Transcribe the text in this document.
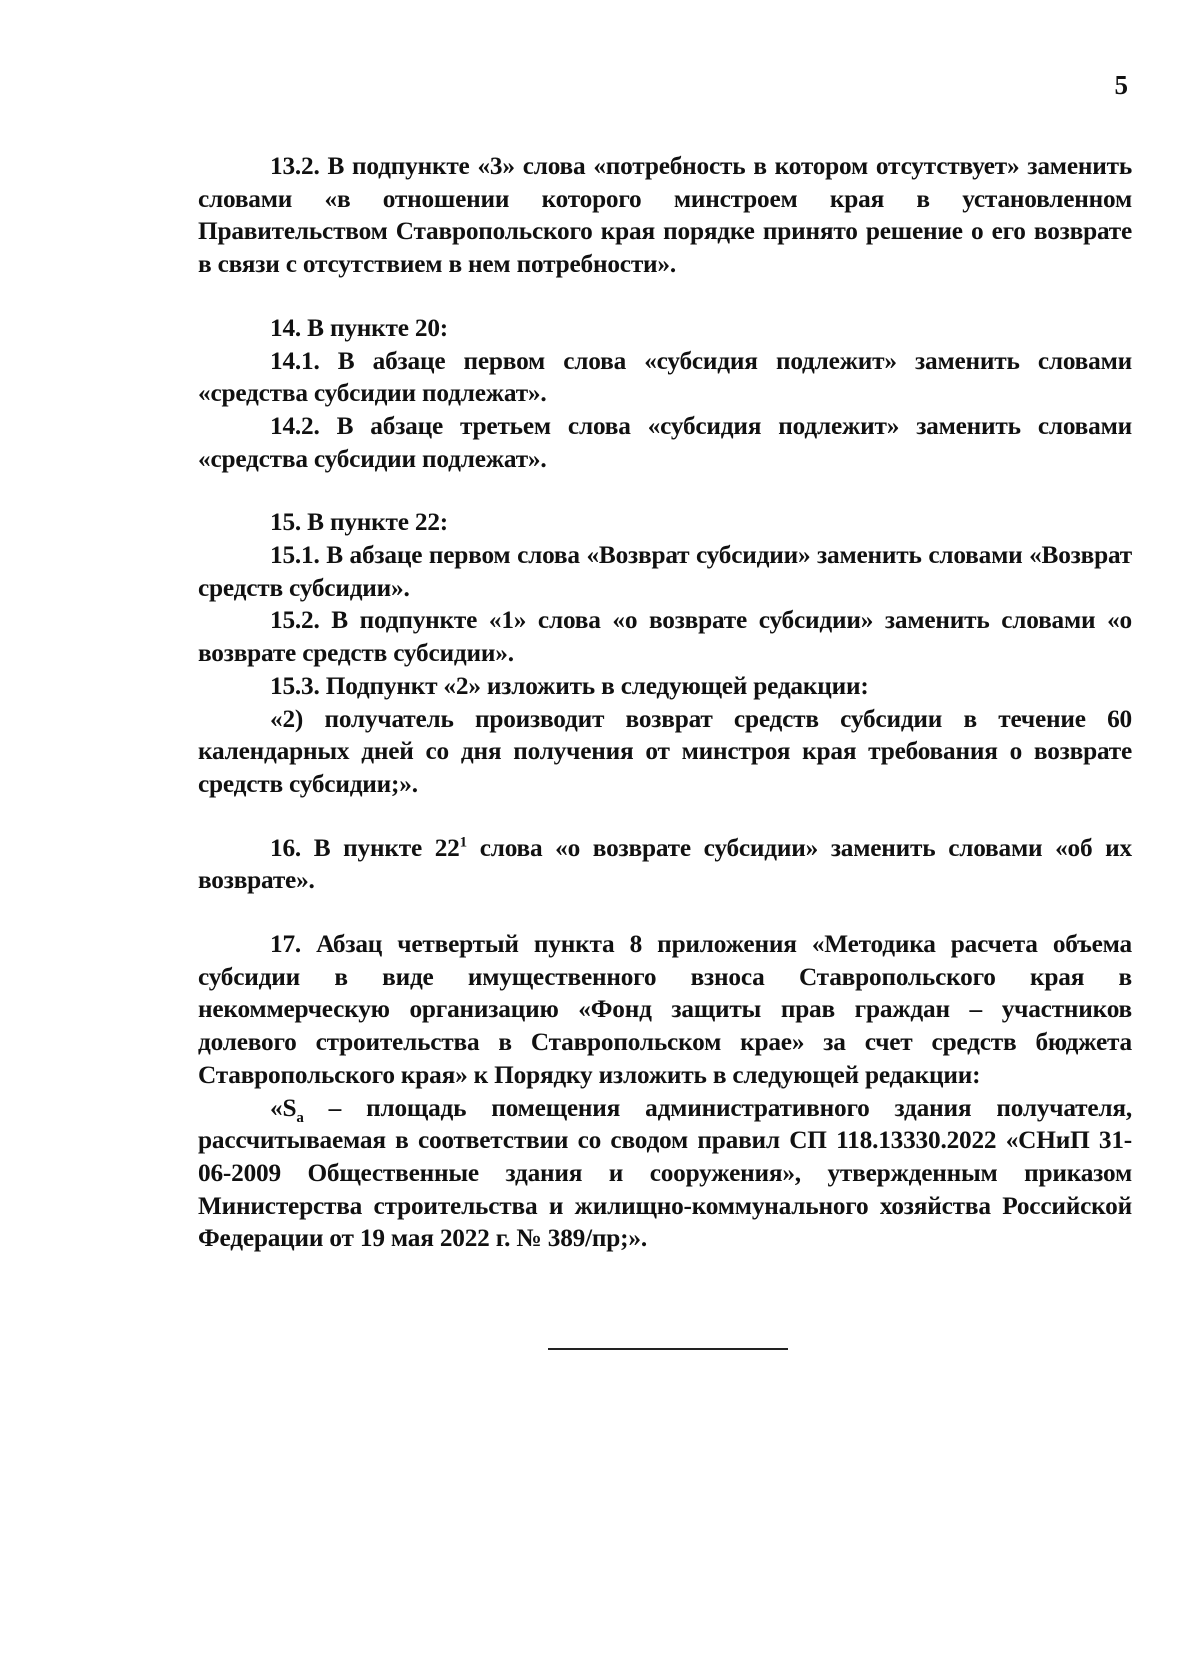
5

13.2. В подпункте «3» слова «потребность в котором отсутствует» заменить словами «в отношении которого минстроем края в установленном Правительством Ставропольского края порядке принято решение о его возврате в связи с отсутствием в нем потребности».

14. В пункте 20:

14.1. В абзаце первом слова «субсидия подлежит» заменить словами «средства субсидии подлежат».

14.2. В абзаце третьем слова «субсидия подлежит» заменить словами «средства субсидии подлежат».

15. В пункте 22:

15.1. В абзаце первом слова «Возврат субсидии» заменить словами «Возврат средств субсидии».

15.2. В подпункте «1» слова «о возврате субсидии» заменить словами «о возврате средств субсидии».

15.3. Подпункт «2» изложить в следующей редакции:

«2) получатель производит возврат средств субсидии в течение 60 календарных дней со дня получения от минстроя края требования о возврате средств субсидии;».

16. В пункте $22^1$ слова «о возврате субсидии» заменить словами «об их возврате».

17. Абзац четвертый пункта 8 приложения «Методика расчета объема субсидии в виде имущественного взноса Ставропольского края в некоммерческую организацию «Фонд защиты прав граждан – участников долевого строительства в Ставропольском крае» за счет средств бюджета Ставропольского края» к Порядку изложить в следующей редакции:

«$S_а$ – площадь помещения административного здания получателя, рассчитываемая в соответствии со сводом правил СП 118.13330.2022 «СНиП 31-06-2009 Общественные здания и сооружения», утвержденным приказом Министерства строительства и жилищно-коммунального хозяйства Российской Федерации от 19 мая 2022 г. № 389/пр;».
